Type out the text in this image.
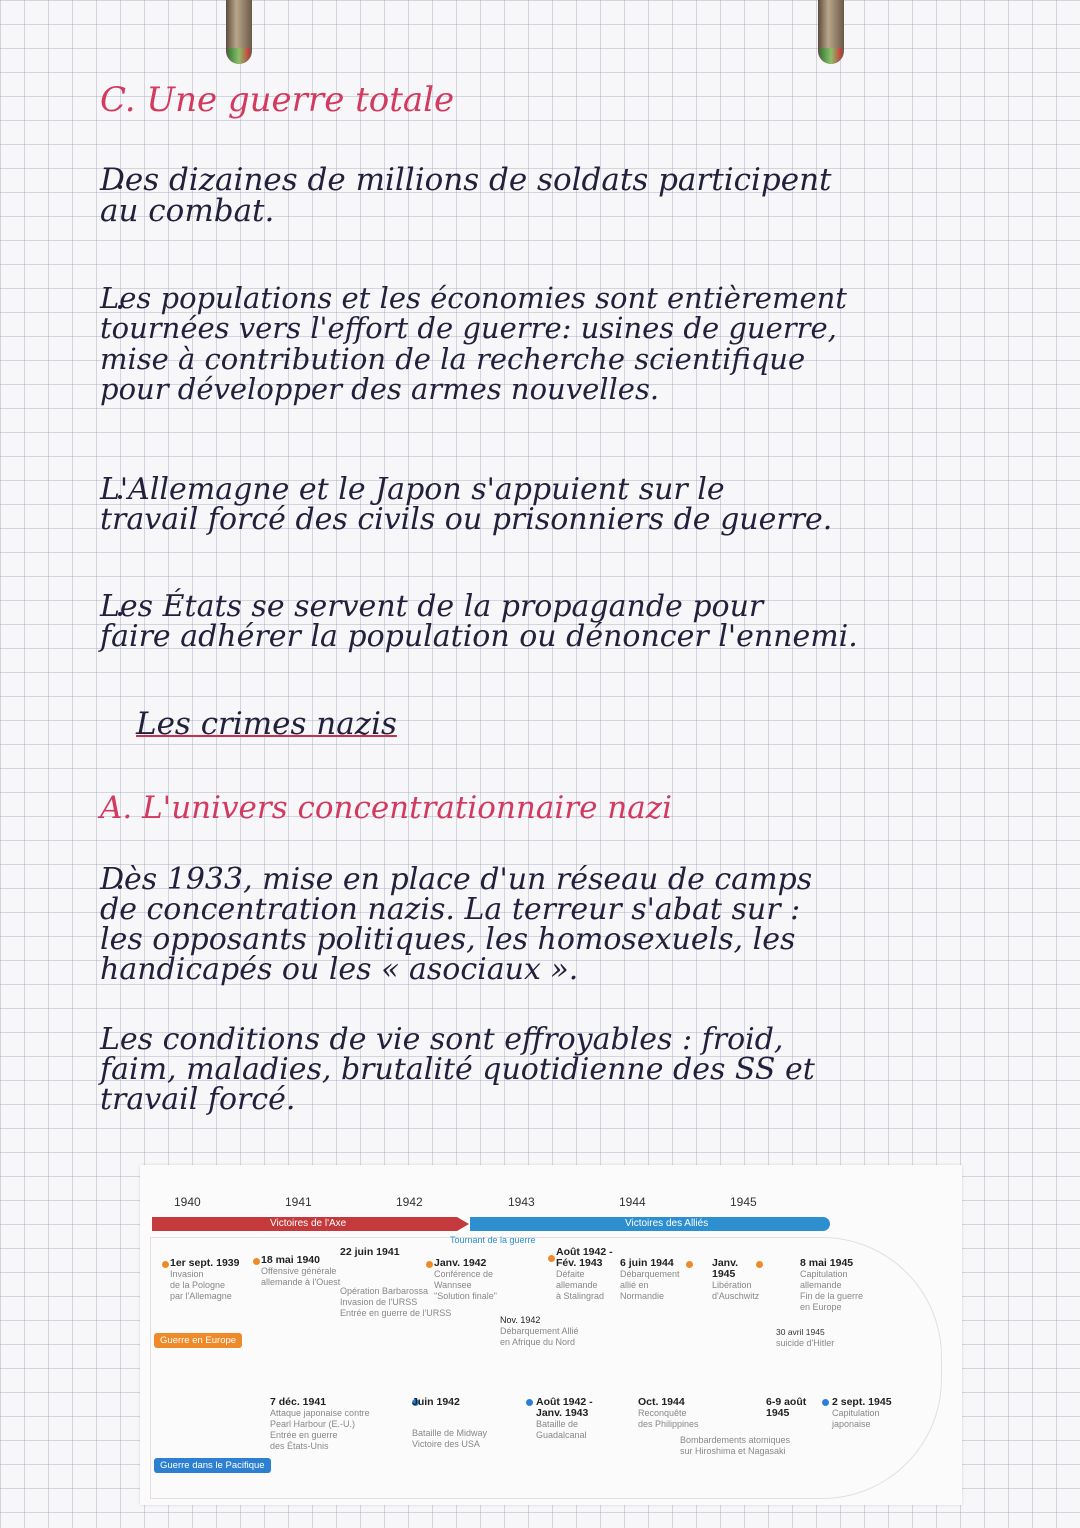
C. Une guerre totale
Des dizaines de millions de soldats participent
au combat.
Les populations et les économies sont entièrement
tournées vers l'effort de guerre: usines de guerre,
mise à contribution de la recherche scientifique
pour développer des armes nouvelles.
L'Allemagne et le Japon s'appuient sur le
travail forcé des civils ou prisonniers de guerre.
Les États se servent de la propagande pour
faire adhérer la population ou dénoncer l'ennemi.
Les crimes nazis
A. L'univers concentrationnaire nazi
Dès 1933, mise en place d'un réseau de camps
de concentration nazis. La terreur s'abat sur :
les opposants politiques, les homosexuels, les
handicapés ou les « asociaux ».
Les conditions de vie sont effroyables : froid,
faim, maladies, brutalité quotidienne des SS et
travail forcé.
1940	1941	1942	1943	1944	1945
Victoires de l'Axe	Victoires des Alliés
Tournant de la guerre
1er sept. 1939
Invasion
de la Pologne
par l'Allemagne
18 mai 1940
Offensive générale
allemande à l'Ouest
22 juin 1941
Opération Barbarossa
Invasion de l'URSS
Entrée en guerre de l'URSS
Janv. 1942
Conférence de
Wannsee
"Solution finale"
Nov. 1942
Débarquement Allié
en Afrique du Nord
Août 1942 -
Fév. 1943
Défaite
allemande
à Stalingrad
6 juin 1944
Débarquement
allié en
Normandie
Janv.
1945
Libération
d'Auschwitz
8 mai 1945
Capitulation
allemande
Fin de la guerre
en Europe
30 avril 1945
suicide d'Hitler
Guerre en Europe
7 déc. 1941
Attaque japonaise contre
Pearl Harbour (E.-U.)
Entrée en guerre
des États-Unis
Juin 1942
Bataille de Midway
Victoire des USA
Août 1942 -
Janv. 1943
Bataille de
Guadalcanal
Oct. 1944
Reconquête
des Philippines
6-9 août
1945
Bombardements atomiques
sur Hiroshima et Nagasaki
2 sept. 1945
Capitulation
japonaise
Guerre dans le Pacifique
